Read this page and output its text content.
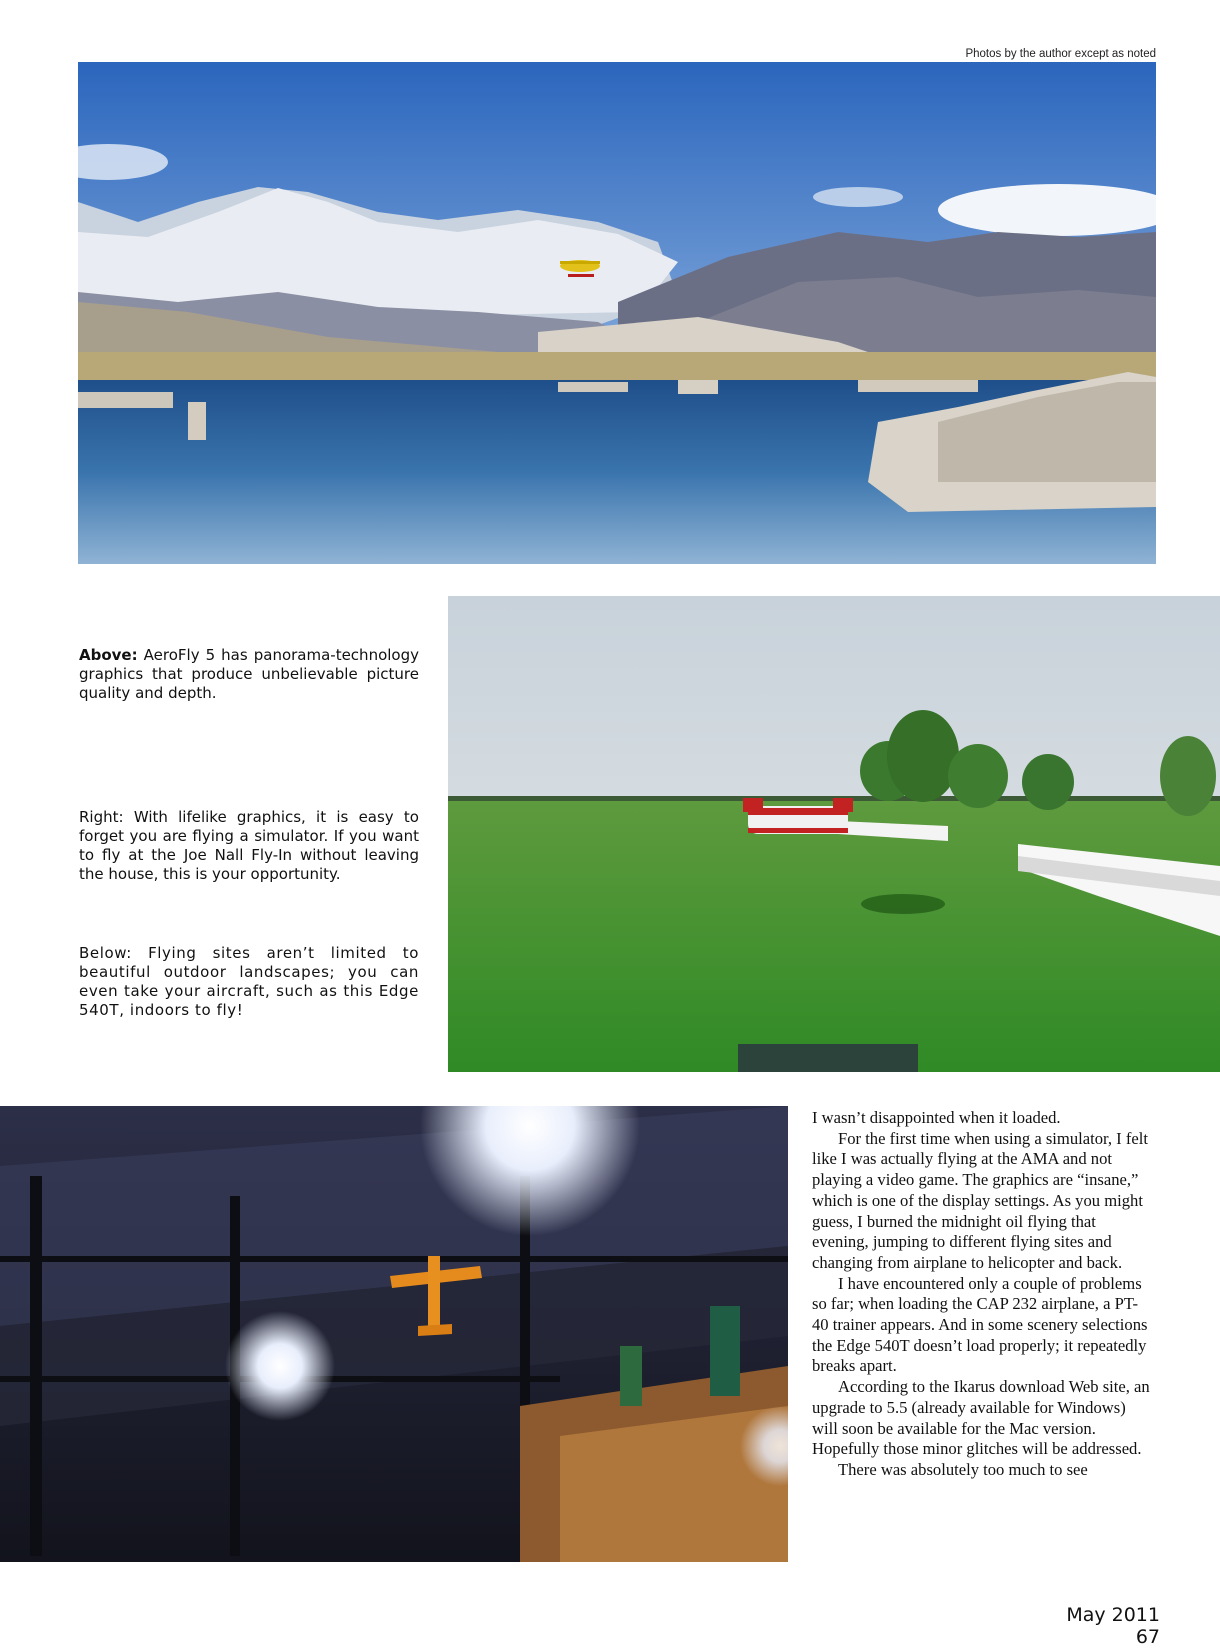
Photos by the author except as noted
Above: AeroFly 5 has panorama-technology graphics that produce unbelievable picture quality and depth.
Right: With lifelike graphics, it is easy to forget you are flying a simulator. If you want to fly at the Joe Nall Fly-In without leaving the house, this is your opportunity.
Below: Flying sites aren’t limited to beautiful outdoor landscapes; you can even take your aircraft, such as this Edge 540T, indoors to fly!

I wasn’t disappointed when it loaded.

For the first time when using a simulator, I felt like I was actually flying at the AMA and not playing a video game. The graphics are “insane,” which is one of the display settings. As you might guess, I burned the midnight oil flying that evening, jumping to different flying sites and changing from airplane to helicopter and back.

I have encountered only a couple of problems so far; when loading the CAP 232 airplane, a PT-40 trainer appears. And in some scenery selections the Edge 540T doesn’t load properly; it repeatedly breaks apart.

According to the Ikarus download Web site, an upgrade to 5.5 (already available for Windows) will soon be available for the Mac version. Hopefully those minor glitches will be addressed.

There was absolutely too much to see

May 2011 67
